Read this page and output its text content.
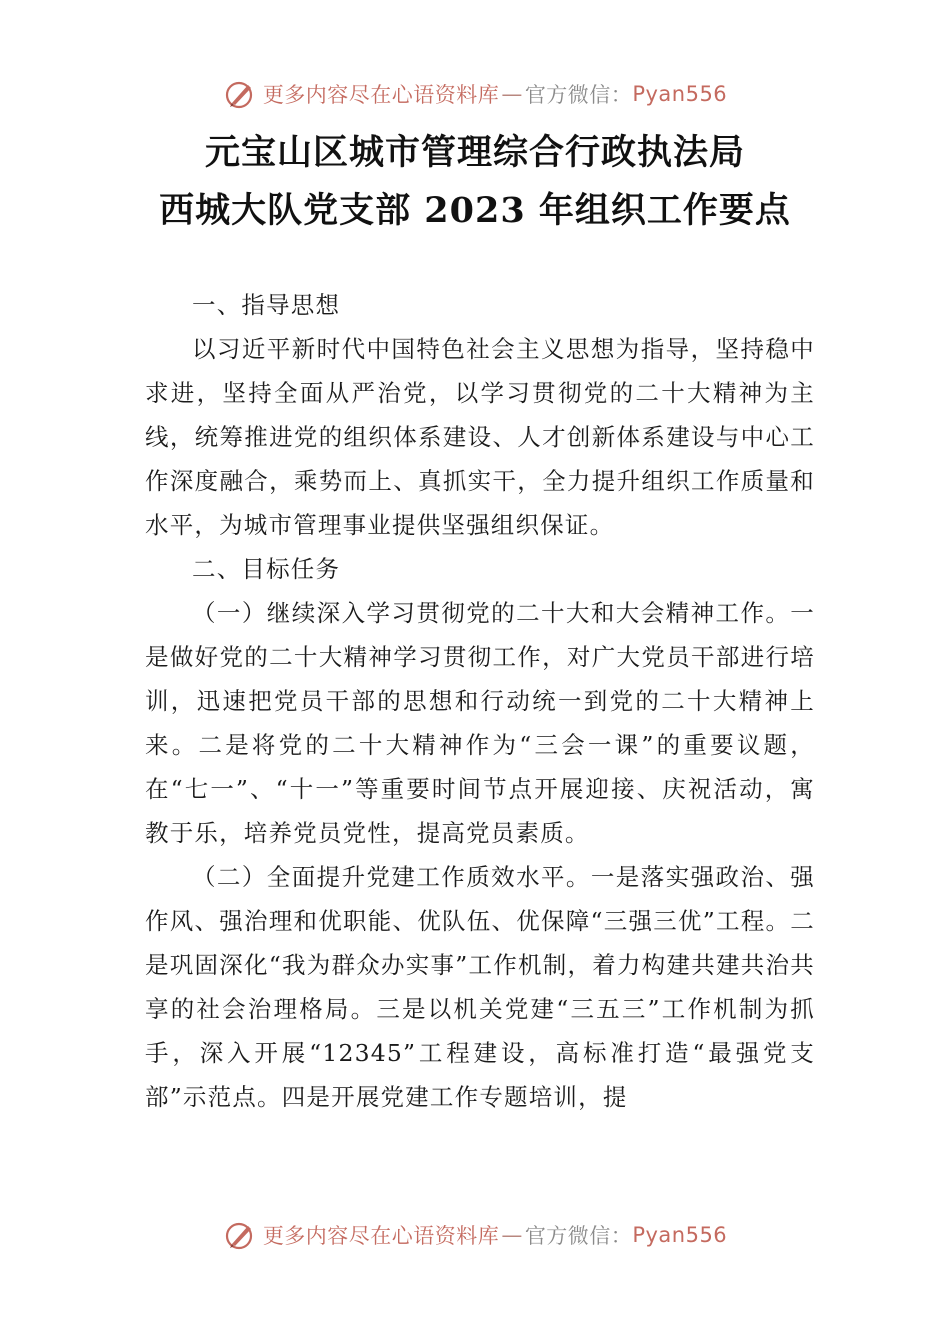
更多内容尽在心语资料库 — 官方微信： Pyan556
元宝山区城市管理综合行政执法局
西城大队党支部 2023 年组织工作要点

一、指导思想

以习近平新时代中国特色社会主义思想为指导，坚持稳中求进，坚持全面从严治党，以学习贯彻党的二十大精神为主线，统筹推进党的组织体系建设、人才创新体系建设与中心工作深度融合，乘势而上、真抓实干，全力提升组织工作质量和水平，为城市管理事业提供坚强组织保证。

二、目标任务

（一）继续深入学习贯彻党的二十大和大会精神工作。一是做好党的二十大精神学习贯彻工作，对广大党员干部进行培训，迅速把党员干部的思想和行动统一到党的二十大精神上来。二是将党的二十大精神作为“三会一课”的重要议题，在“七一”、“十一”等重要时间节点开展迎接、庆祝活动，寓教于乐，培养党员党性，提高党员素质。

（二）全面提升党建工作质效水平。一是落实强政治、强作风、强治理和优职能、优队伍、优保障“三强三优”工程。二是巩固深化“我为群众办实事”工作机制，着力构建共建共治共享的社会治理格局。三是以机关党建“三五三”工作机制为抓手，深入开展“12345”工程建设，高标准打造“最强党支部”示范点。四是开展党建工作专题培训，提

更多内容尽在心语资料库 — 官方微信： Pyan556
